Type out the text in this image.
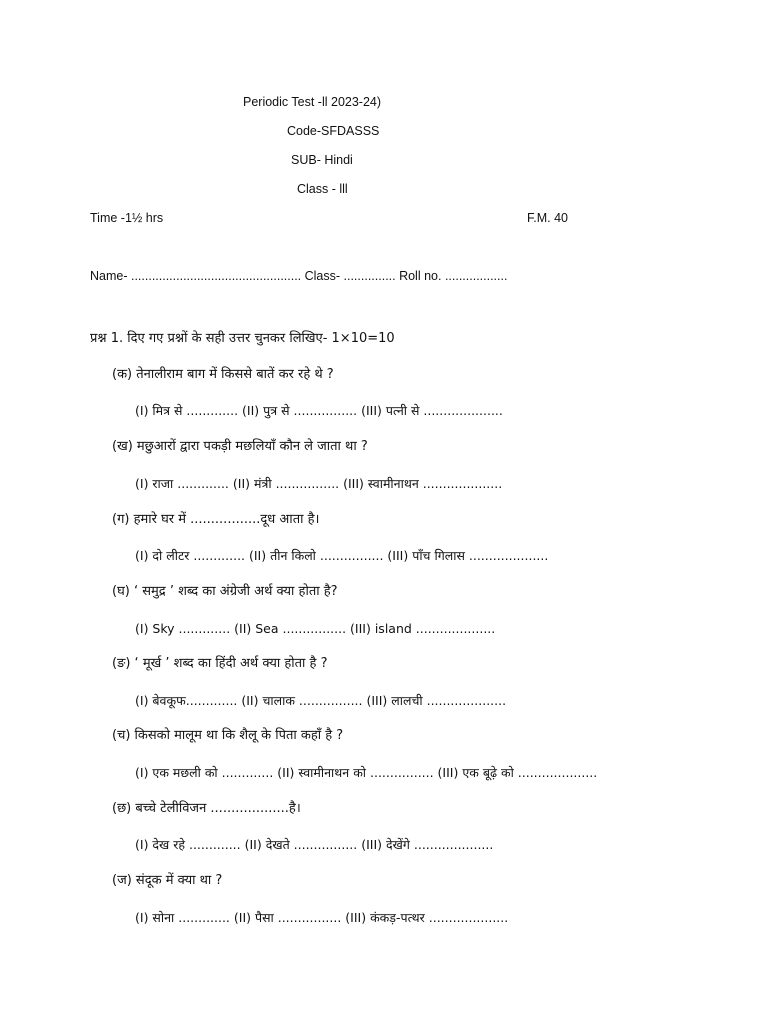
Periodic Test -ll 2023-24)
Code-SFDASSS
SUB- Hindi
Class - lll
Time -1½ hrs	F.M. 40
Name- ................................................. Class- ............... Roll no. ..................
प्रश्न 1. दिए गए प्रश्नों के सही उत्तर चुनकर लिखिए- 1×10=10
(क) तेनालीराम बाग में किससे बातें कर रहे थे ?
(I) मित्र से ............. (II) पुत्र से ................ (III) पत्नी से ....................
(ख) मछुआरों द्वारा पकड़ी मछलियाँ कौन ले जाता था ?
(I) राजा ............. (II) मंत्री ................ (III) स्वामीनाथन ....................
(ग) हमारे घर में .................दूध आता है।
(I) दो लीटर ............. (II) तीन किलो ................ (III) पाँच गिलास ....................
(घ) ‘ समुद्र ’ शब्द का अंग्रेजी अर्थ क्या होता है?
(I) Sky ............. (II) Sea ................ (III) island ....................
(ङ) ‘ मूर्ख ’ शब्द का हिंदी अर्थ क्या होता है ?
(I) बेवकूफ............. (II) चालाक ................ (III) लालची ....................
(च) किसको मालूम था कि शैलू के पिता कहाँ है ?
(I) एक मछली को ............. (II) स्वामीनाथन को ................ (III) एक बूढ़े को ....................
(छ) बच्चे टेलीविजन ...................है।
(I) देख रहे ............. (II) देखते ................ (III) देखेंगे ....................
(ज) संदूक में क्या था ?
(I) सोना ............. (II) पैसा ................ (III) कंकड़-पत्थर ....................
